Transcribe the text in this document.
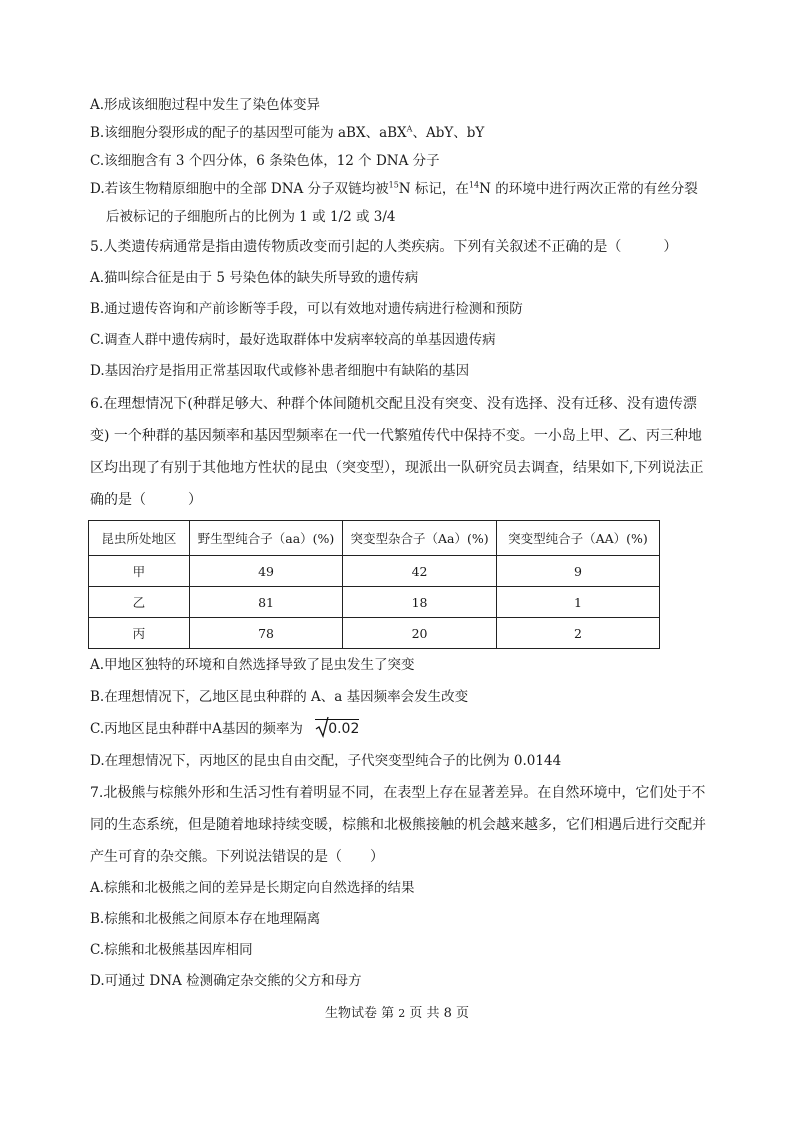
A.形成该细胞过程中发生了染色体变异
B.该细胞分裂形成的配子的基因型可能为 aBX、aBX$^A$、AbY、bY
C.该细胞含有 3 个四分体，6 条染色体，12 个 DNA 分子
D.若该生物精原细胞中的全部 DNA 分子双链均被$^{15}$N 标记，在$^{14}$N 的环境中进行两次正常的有丝分裂
后被标记的子细胞所占的比例为 1 或 1/2 或 3/4
5.人类遗传病通常是指由遗传物质改变而引起的人类疾病。下列有关叙述不正确的是（　　　）
A.猫叫综合征是由于 5 号染色体的缺失所导致的遗传病
B.通过遗传咨询和产前诊断等手段，可以有效地对遗传病进行检测和预防
C.调查人群中遗传病时，最好选取群体中发病率较高的单基因遗传病
D.基因治疗是指用正常基因取代或修补患者细胞中有缺陷的基因
6.在理想情况下(种群足够大、种群个体间随机交配且没有突变、没有选择、没有迁移、没有遗传漂
变) 一个种群的基因频率和基因型频率在一代一代繁殖传代中保持不变。一小岛上甲、乙、丙三种地
区均出现了有别于其他地方性状的昆虫（突变型），现派出一队研究员去调查，结果如下,下列说法正
确的是（　　　）
昆虫所处地区	野生型纯合子（aa）(%)	突变型杂合子（Aa）(%)	突变型纯合子（AA）(%)
甲	49	42	9
乙	81	18	1
丙	78	20	2
A.甲地区独特的环境和自然选择导致了昆虫发生了突变
B.在理想情况下，乙地区昆虫种群的 A、a 基因频率会发生改变
C.丙地区昆虫种群中A基因的频率为 0.02
D.在理想情况下，丙地区的昆虫自由交配，子代突变型纯合子的比例为 0.0144
7.北极熊与棕熊外形和生活习性有着明显不同，在表型上存在显著差异。在自然环境中，它们处于不
同的生态系统，但是随着地球持续变暖，棕熊和北极熊接触的机会越来越多，它们相遇后进行交配并
产生可育的杂交熊。下列说法错误的是（　　）
A.棕熊和北极熊之间的差异是长期定向自然选择的结果
B.棕熊和北极熊之间原本存在地理隔离
C.棕熊和北极熊基因库相同
D.可通过 DNA 检测确定杂交熊的父方和母方
生物试卷 第 2 页 共 8 页
